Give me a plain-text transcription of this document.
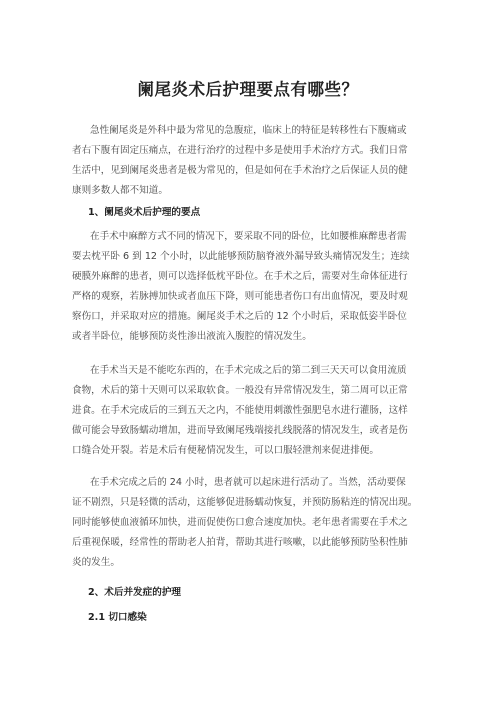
阑尾炎术后护理要点有哪些？
急性阑尾炎是外科中最为常见的急腹症，临床上的特征是转移性右下腹痛或
者右下腹有固定压痛点，在进行治疗的过程中多是使用手术治疗方式。我们日常
生活中，见到阑尾炎患者是极为常见的，但是如何在手术治疗之后保证人员的健
康则多数人都不知道。
1、阑尾炎术后护理的要点
在手术中麻醉方式不同的情况下，要采取不同的卧位，比如腰椎麻醉患者需
要去枕平卧 6 到 12 个小时，以此能够预防脑脊液外漏导致头痛情况发生；连续
硬膜外麻醉的患者，则可以选择低枕平卧位。在手术之后，需要对生命体征进行
严格的观察，若脉搏加快或者血压下降，则可能患者伤口有出血情况，要及时观
察伤口，并采取对应的措施。阑尾炎手术之后的 12 个小时后，采取低姿半卧位
或者半卧位，能够预防炎性渗出液流入腹腔的情况发生。
在手术当天是不能吃东西的，在手术完成之后的第二到三天天可以食用流质
食物，术后的第十天则可以采取软食。一般没有异常情况发生，第二周可以正常
进食。在手术完成后的三到五天之内，不能使用刺激性强肥皂水进行灌肠，这样
做可能会导致肠蠕动增加，进而导致阑尾残端接扎线脱落的情况发生，或者是伤
口缝合处开裂。若是术后有便秘情况发生，可以口服轻泄剂来促进排便。
在手术完成之后的 24 小时，患者就可以起床进行活动了。当然，活动要保
证不剧烈，只是轻微的活动，这能够促进肠蠕动恢复，并预防肠粘连的情况出现。
同时能够使血液循环加快，进而促使伤口愈合速度加快。老年患者需要在手术之
后重视保暖，经常性的帮助老人拍背，帮助其进行咳嗽，以此能够预防坠积性肺
炎的发生。
2、术后并发症的护理
2.1 切口感染
